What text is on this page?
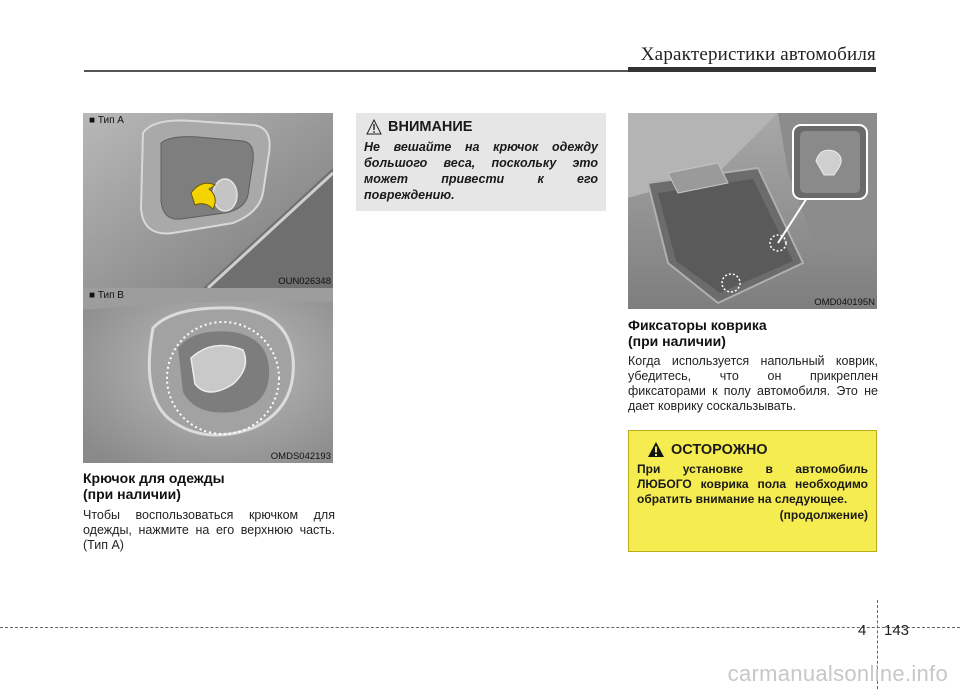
Характеристики автомобиля
■ Тип A
OUN026348
■ Тип B
OMDS042193
Крючок для одежды
(при наличии)
Чтобы воспользоваться крючком для одежды, нажмите на его верхнюю часть. (Тип A)
ВНИМАНИЕ
Не вешайте на крючок одежду большого веса, поскольку это может привести к его повреждению.
OMD040195N
Фиксаторы коврика
(при наличии)
Когда используется напольный коврик, убедитесь, что он прикреплен фиксаторами к полу автомобиля. Это не дает коврику соскальзывать.
ОСТОРОЖНО
При установке в автомобиль ЛЮБОГО коврика пола необходимо обратить внимание на следующее.
(продолжение)
4 143
carmanualsonline.info
